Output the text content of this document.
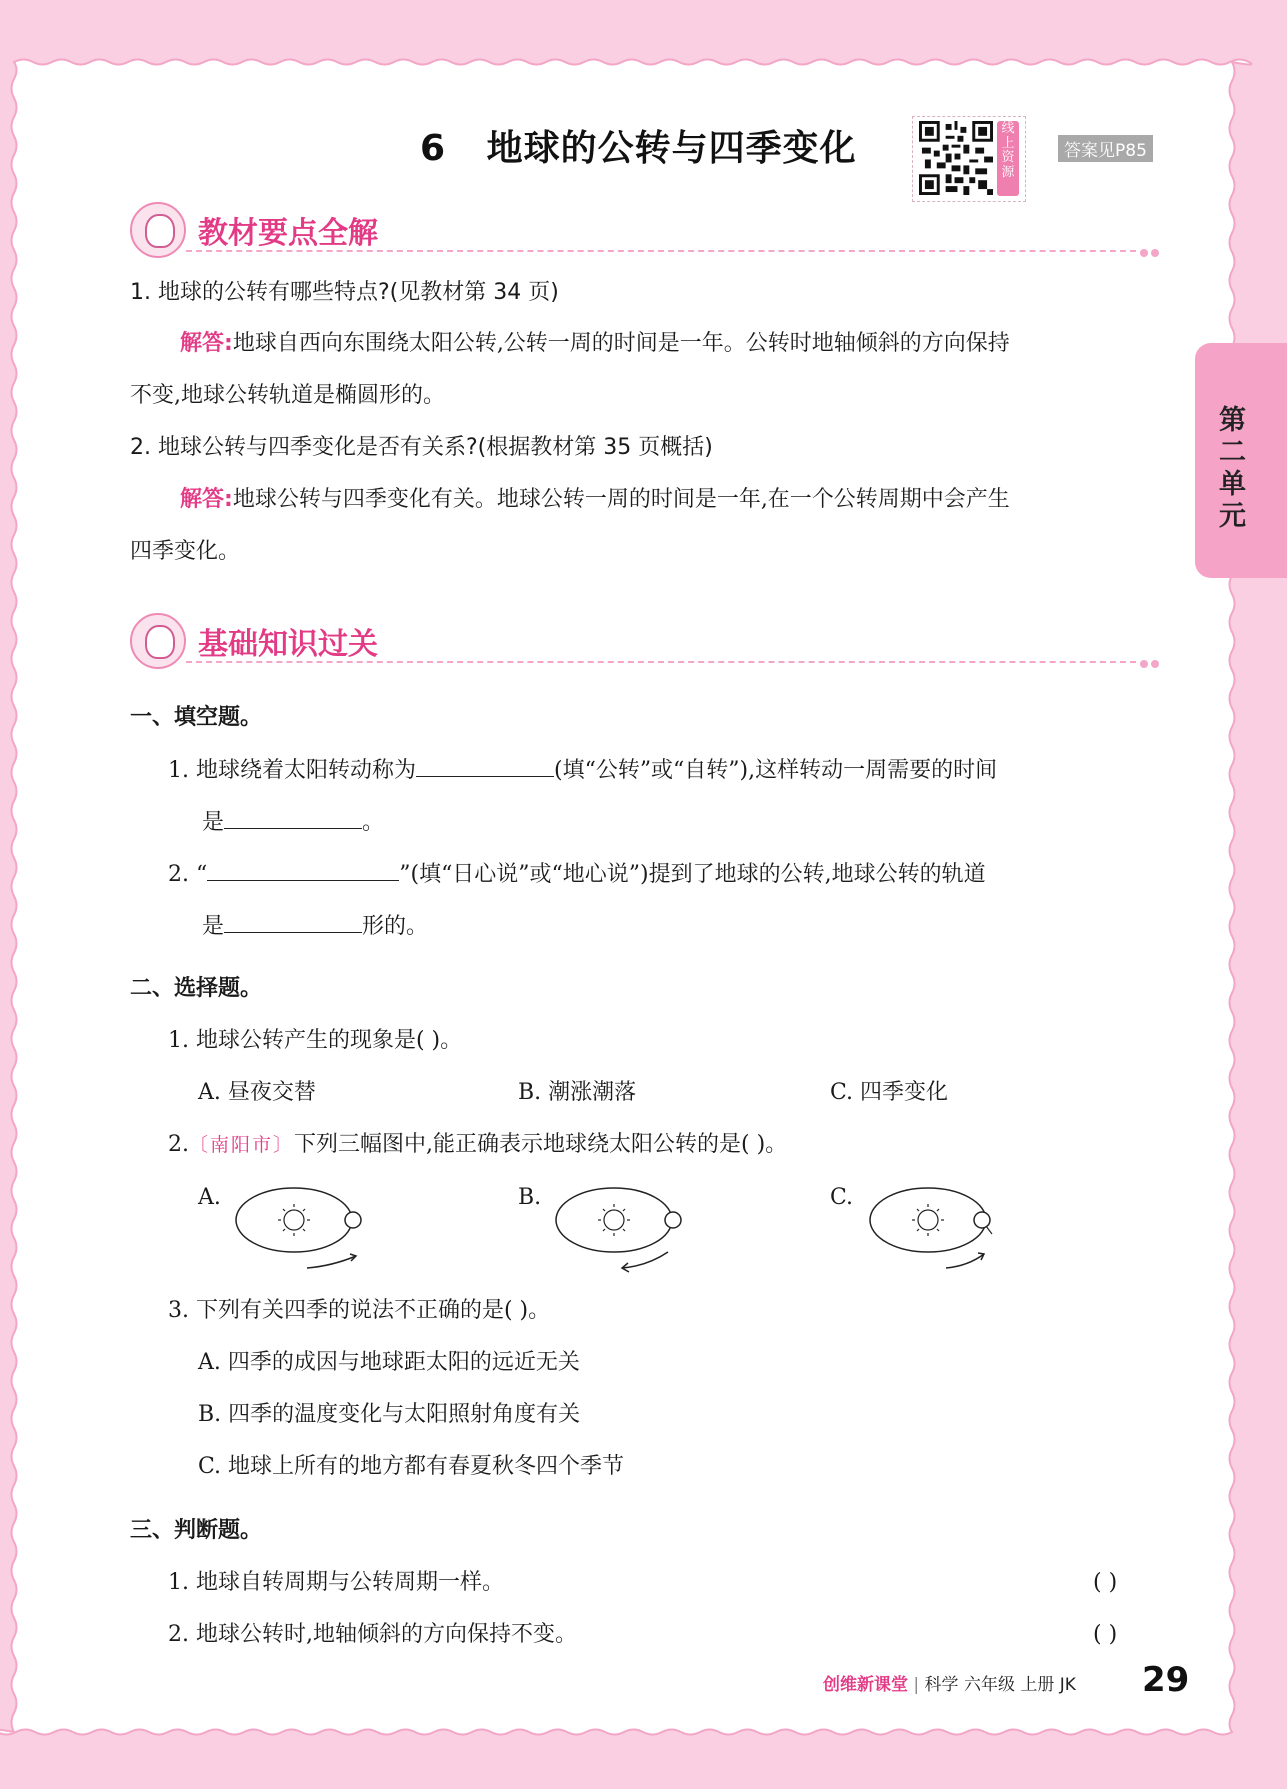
6 地球的公转与四季变化	线上资源
答案见P85
教材要点全解
1. 地球的公转有哪些特点?(见教材第 34 页)
解答:地球自西向东围绕太阳公转,公转一周的时间是一年。公转时地轴倾斜的方向保持
不变,地球公转轨道是椭圆形的。
2. 地球公转与四季变化是否有关系?(根据教材第 35 页概括)
解答:地球公转与四季变化有关。地球公转一周的时间是一年,在一个公转周期中会产生
四季变化。
基础知识过关
一、填空题。
1. 地球绕着太阳转动称为	(填“公转”或“自转”),这样转动一周需要的时间
是	。
2. “	”(填“日心说”或“地心说”)提到了地球的公转,地球公转的轨道
是	形的。
二、选择题。
1. 地球公转产生的现象是( )。
A. 昼夜交替	B. 潮涨潮落	C. 四季变化
2.〔南阳市〕下列三幅图中,能正确表示地球绕太阳公转的是( )。
A.	B.	C.
3. 下列有关四季的说法不正确的是( )。
A. 四季的成因与地球距太阳的远近无关
B. 四季的温度变化与太阳照射角度有关
C. 地球上所有的地方都有春夏秋冬四个季节
三、判断题。
1. 地球自转周期与公转周期一样。	( )
2. 地球公转时,地轴倾斜的方向保持不变。	( )
第二单元
创维新课堂 | 科学 六年级 上册 JK 29
